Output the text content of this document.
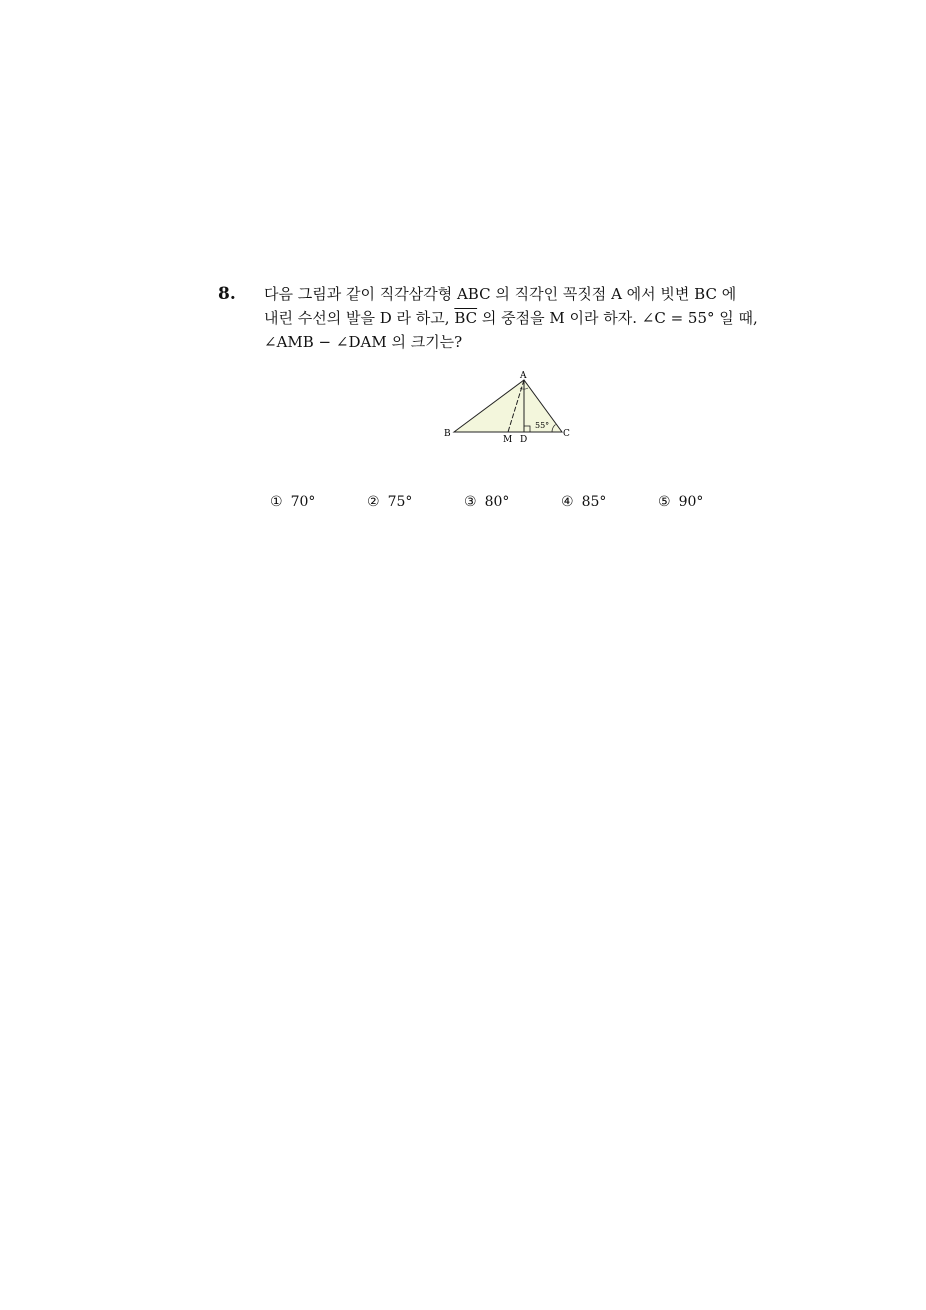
8. 다음 그림과 같이 직각삼각형 ABC 의 직각인 꼭짓점 A 에서 빗변 BC 에
내린 수선의 발을 D 라 하고, $\overline{BC}$ 의 중점을 M 이라 하자. ∠C = 55° 일 때,
∠AMB − ∠DAM 의 크기는?
A
B	C
M D
55°
① 70°	② 75°	③ 80°	④ 85°	⑤ 90°
